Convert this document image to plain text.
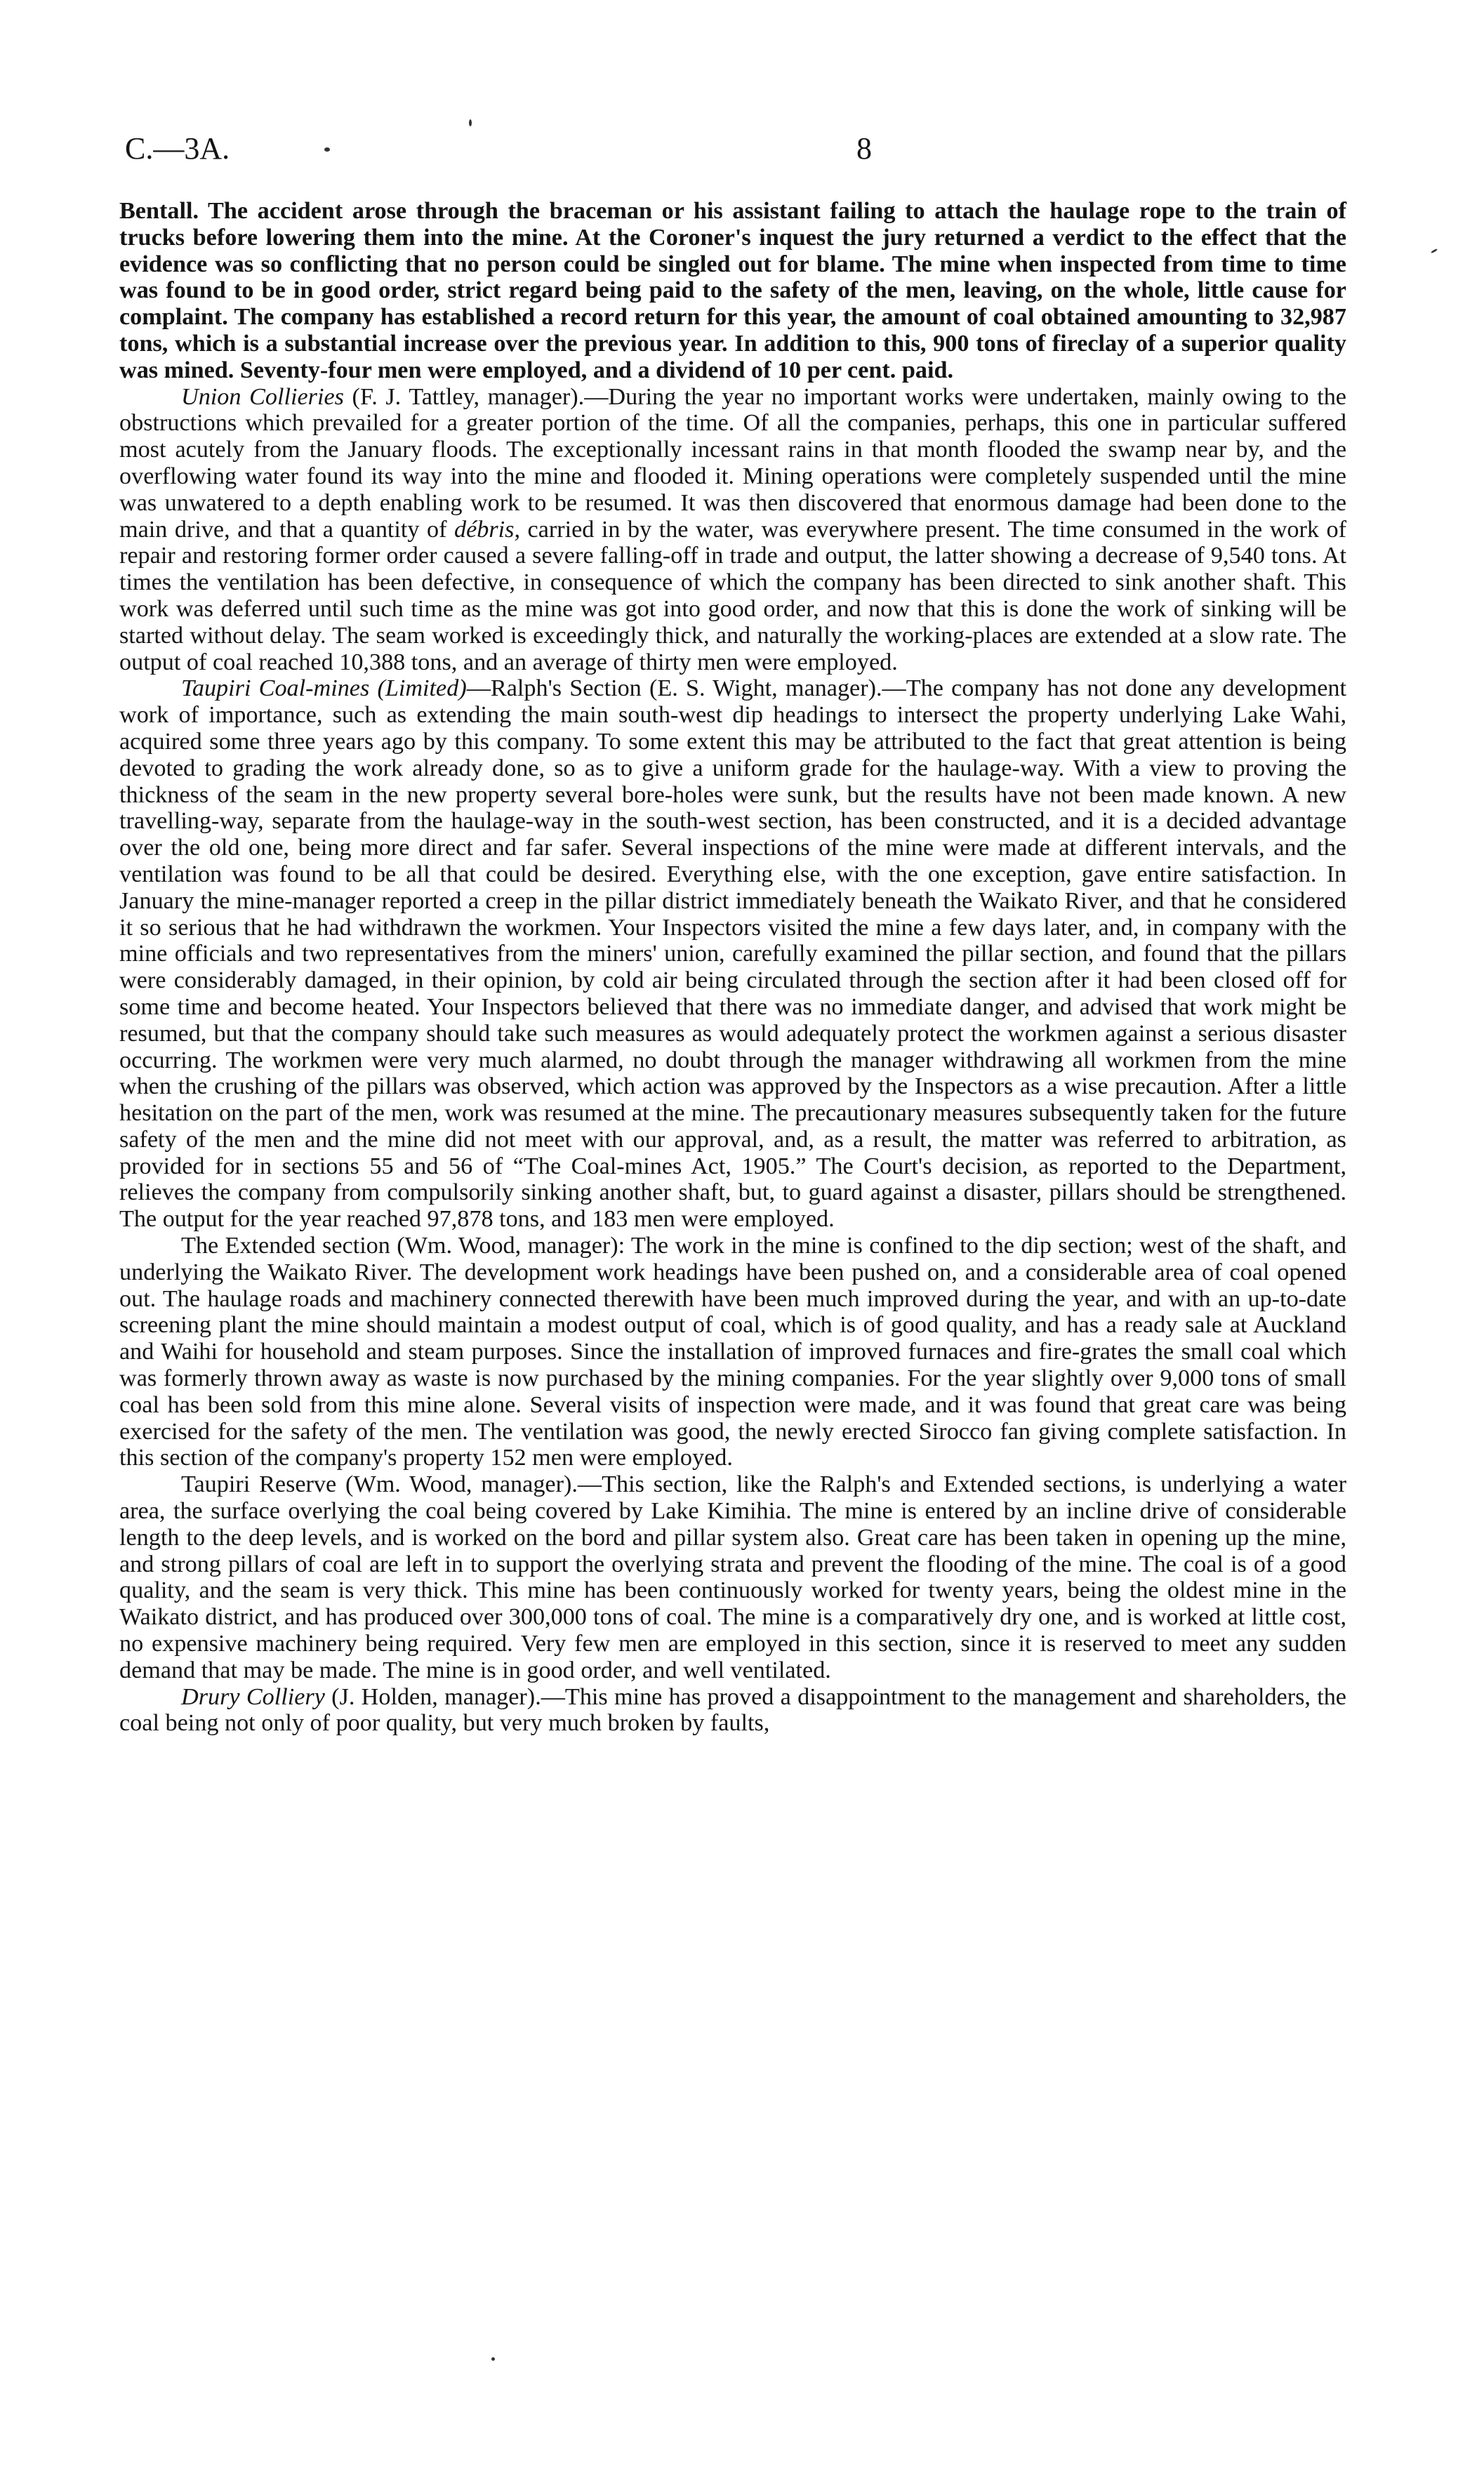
C.—3A.	8

Bentall. The accident arose through the braceman or his assistant failing to attach the haulage rope to the train of trucks before lowering them into the mine. At the Coroner's inquest the jury returned a verdict to the effect that the evidence was so conflicting that no person could be singled out for blame. The mine when inspected from time to time was found to be in good order, strict regard being paid to the safety of the men, leaving, on the whole, little cause for complaint. The company has established a record return for this year, the amount of coal obtained amounting to 32,987 tons, which is a substantial increase over the previous year. In addition to this, 900 tons of fireclay of a superior quality was mined. Seventy-four men were employed, and a dividend of 10 per cent. paid.

Union Collieries (F. J. Tattley, manager).—During the year no important works were undertaken, mainly owing to the obstructions which prevailed for a greater portion of the time. Of all the companies, perhaps, this one in particular suffered most acutely from the January floods. The exceptionally incessant rains in that month flooded the swamp near by, and the overflowing water found its way into the mine and flooded it. Mining operations were completely suspended until the mine was unwatered to a depth enabling work to be resumed. It was then discovered that enormous damage had been done to the main drive, and that a quantity of débris, carried in by the water, was everywhere present. The time consumed in the work of repair and restoring former order caused a severe falling-off in trade and output, the latter showing a decrease of 9,540 tons. At times the ventilation has been defective, in consequence of which the company has been directed to sink another shaft. This work was deferred until such time as the mine was got into good order, and now that this is done the work of sinking will be started without delay. The seam worked is exceedingly thick, and naturally the working-places are extended at a slow rate. The output of coal reached 10,388 tons, and an average of thirty men were employed.

Taupiri Coal-mines (Limited)—Ralph's Section (E. S. Wight, manager).—The company has not done any development work of importance, such as extending the main south-west dip headings to intersect the property underlying Lake Wahi, acquired some three years ago by this company. To some extent this may be attributed to the fact that great attention is being devoted to grading the work already done, so as to give a uniform grade for the haulage-way. With a view to proving the thickness of the seam in the new property several bore-holes were sunk, but the results have not been made known. A new travelling-way, separate from the haulage-way in the south-west section, has been constructed, and it is a decided advantage over the old one, being more direct and far safer. Several inspections of the mine were made at different intervals, and the ventilation was found to be all that could be desired. Everything else, with the one exception, gave entire satisfaction. In January the mine-manager reported a creep in the pillar district immediately beneath the Waikato River, and that he considered it so serious that he had withdrawn the workmen. Your Inspectors visited the mine a few days later, and, in company with the mine officials and two representatives from the miners' union, carefully examined the pillar section, and found that the pillars were considerably damaged, in their opinion, by cold air being circulated through the section after it had been closed off for some time and become heated. Your Inspectors believed that there was no immediate danger, and advised that work might be resumed, but that the company should take such measures as would adequately protect the workmen against a serious disaster occurring. The workmen were very much alarmed, no doubt through the manager withdrawing all workmen from the mine when the crushing of the pillars was observed, which action was approved by the Inspectors as a wise precaution. After a little hesitation on the part of the men, work was resumed at the mine. The precautionary measures subsequently taken for the future safety of the men and the mine did not meet with our approval, and, as a result, the matter was referred to arbitration, as provided for in sections 55 and 56 of “The Coal-mines Act, 1905.” The Court's decision, as reported to the Department, relieves the company from compulsorily sinking another shaft, but, to guard against a disaster, pillars should be strengthened. The output for the year reached 97,878 tons, and 183 men were employed.

The Extended section (Wm. Wood, manager): The work in the mine is confined to the dip section; west of the shaft, and underlying the Waikato River. The development work headings have been pushed on, and a considerable area of coal opened out. The haulage roads and machinery connected therewith have been much improved during the year, and with an up-to-date screening plant the mine should maintain a modest output of coal, which is of good quality, and has a ready sale at Auckland and Waihi for household and steam purposes. Since the installation of improved furnaces and fire-grates the small coal which was formerly thrown away as waste is now purchased by the mining companies. For the year slightly over 9,000 tons of small coal has been sold from this mine alone. Several visits of inspection were made, and it was found that great care was being exercised for the safety of the men. The ventilation was good, the newly erected Sirocco fan giving complete satisfaction. In this section of the company's property 152 men were employed.

Taupiri Reserve (Wm. Wood, manager).—This section, like the Ralph's and Extended sections, is underlying a water area, the surface overlying the coal being covered by Lake Kimihia. The mine is entered by an incline drive of considerable length to the deep levels, and is worked on the bord and pillar system also. Great care has been taken in opening up the mine, and strong pillars of coal are left in to support the overlying strata and prevent the flooding of the mine. The coal is of a good quality, and the seam is very thick. This mine has been continuously worked for twenty years, being the oldest mine in the Waikato district, and has produced over 300,000 tons of coal. The mine is a comparatively dry one, and is worked at little cost, no expensive machinery being required. Very few men are employed in this section, since it is reserved to meet any sudden demand that may be made. The mine is in good order, and well ventilated.

Drury Colliery (J. Holden, manager).—This mine has proved a disappointment to the management and shareholders, the coal being not only of poor quality, but very much broken by faults,
